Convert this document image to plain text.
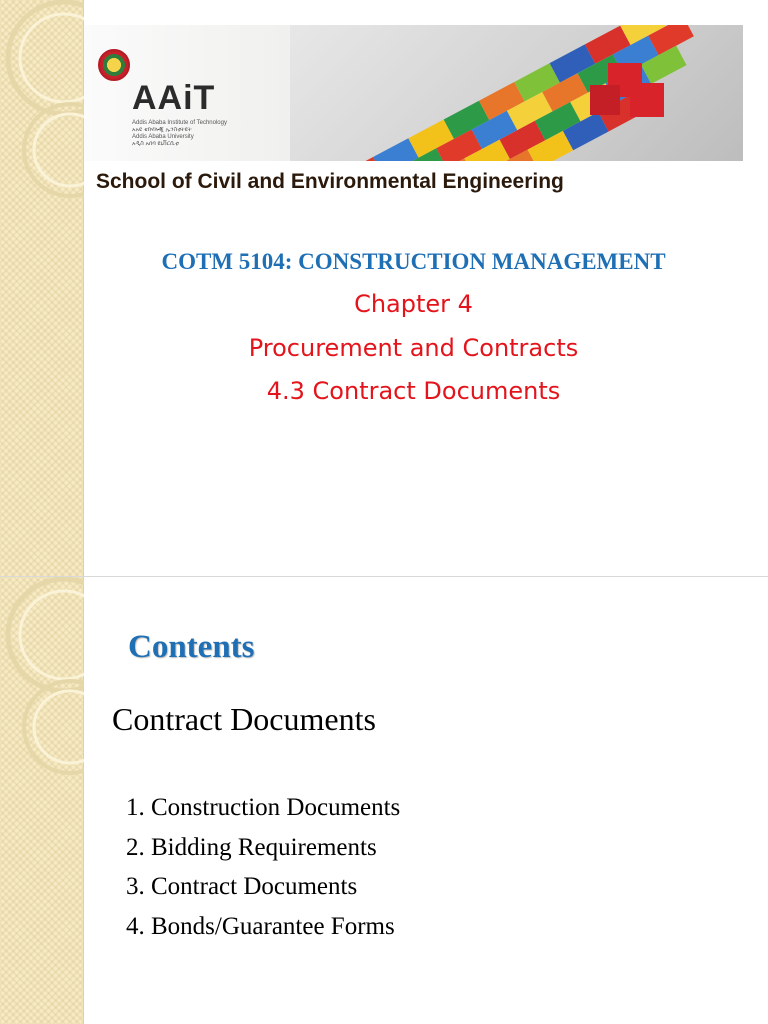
AAiT
Addis Ababa Institute of Technology
አአዩ ቴክኖሎጂ ኢንስቲትዩት
Addis Ababa University
አዲስ አበባ ዩኒቨርሲቲ
School of Civil and Environmental Engineering
COTM 5104: CONSTRUCTION MANAGEMENT
Chapter 4
Procurement and Contracts
4.3 Contract Documents
Contents
Contract Documents
1. Construction Documents
2. Bidding Requirements
3. Contract Documents
4. Bonds/Guarantee Forms
